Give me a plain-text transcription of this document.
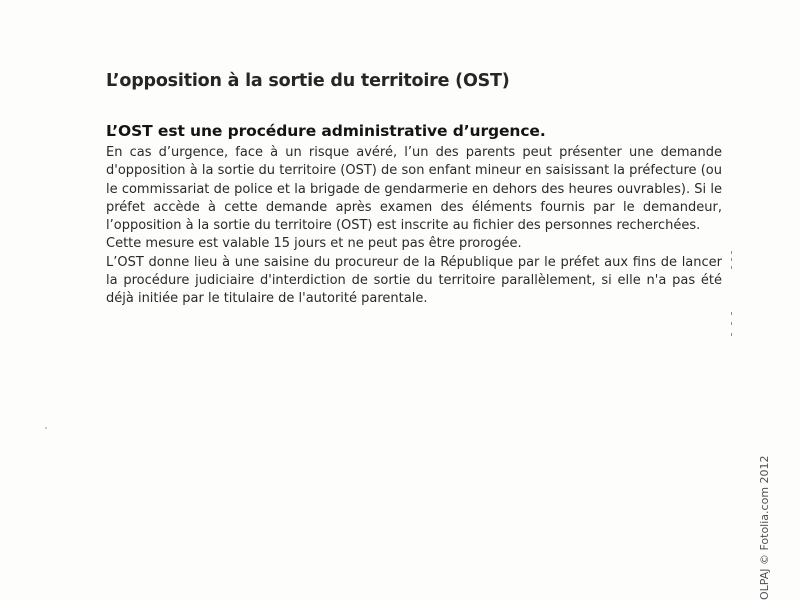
L’opposition à la sortie du territoire (OST)
L’OST est une procédure administrative d’urgence.

En cas d’urgence, face à un risque avéré, l’un des parents peut présenter une demande d'opposition à la sortie du territoire (OST) de son enfant mineur en saisissant la préfecture (ou le commissariat de police et la brigade de gendarmerie en dehors des heures ouvrables). Si le préfet accède à cette demande après examen des éléments fournis par le demandeur, l’opposition à la sortie du territoire (OST) est inscrite au fichier des personnes recherchées.

Cette mesure est valable 15 jours et ne peut pas être prorogée.

L’OST donne lieu à une saisine du procureur de la République par le préfet aux fins de lancer la procédure judiciaire d'interdiction de sortie du territoire parallèlement, si elle n'a pas été déjà initiée par le titulaire de l'autorité parentale.

OLPAJ © Fotolia.com 2012
